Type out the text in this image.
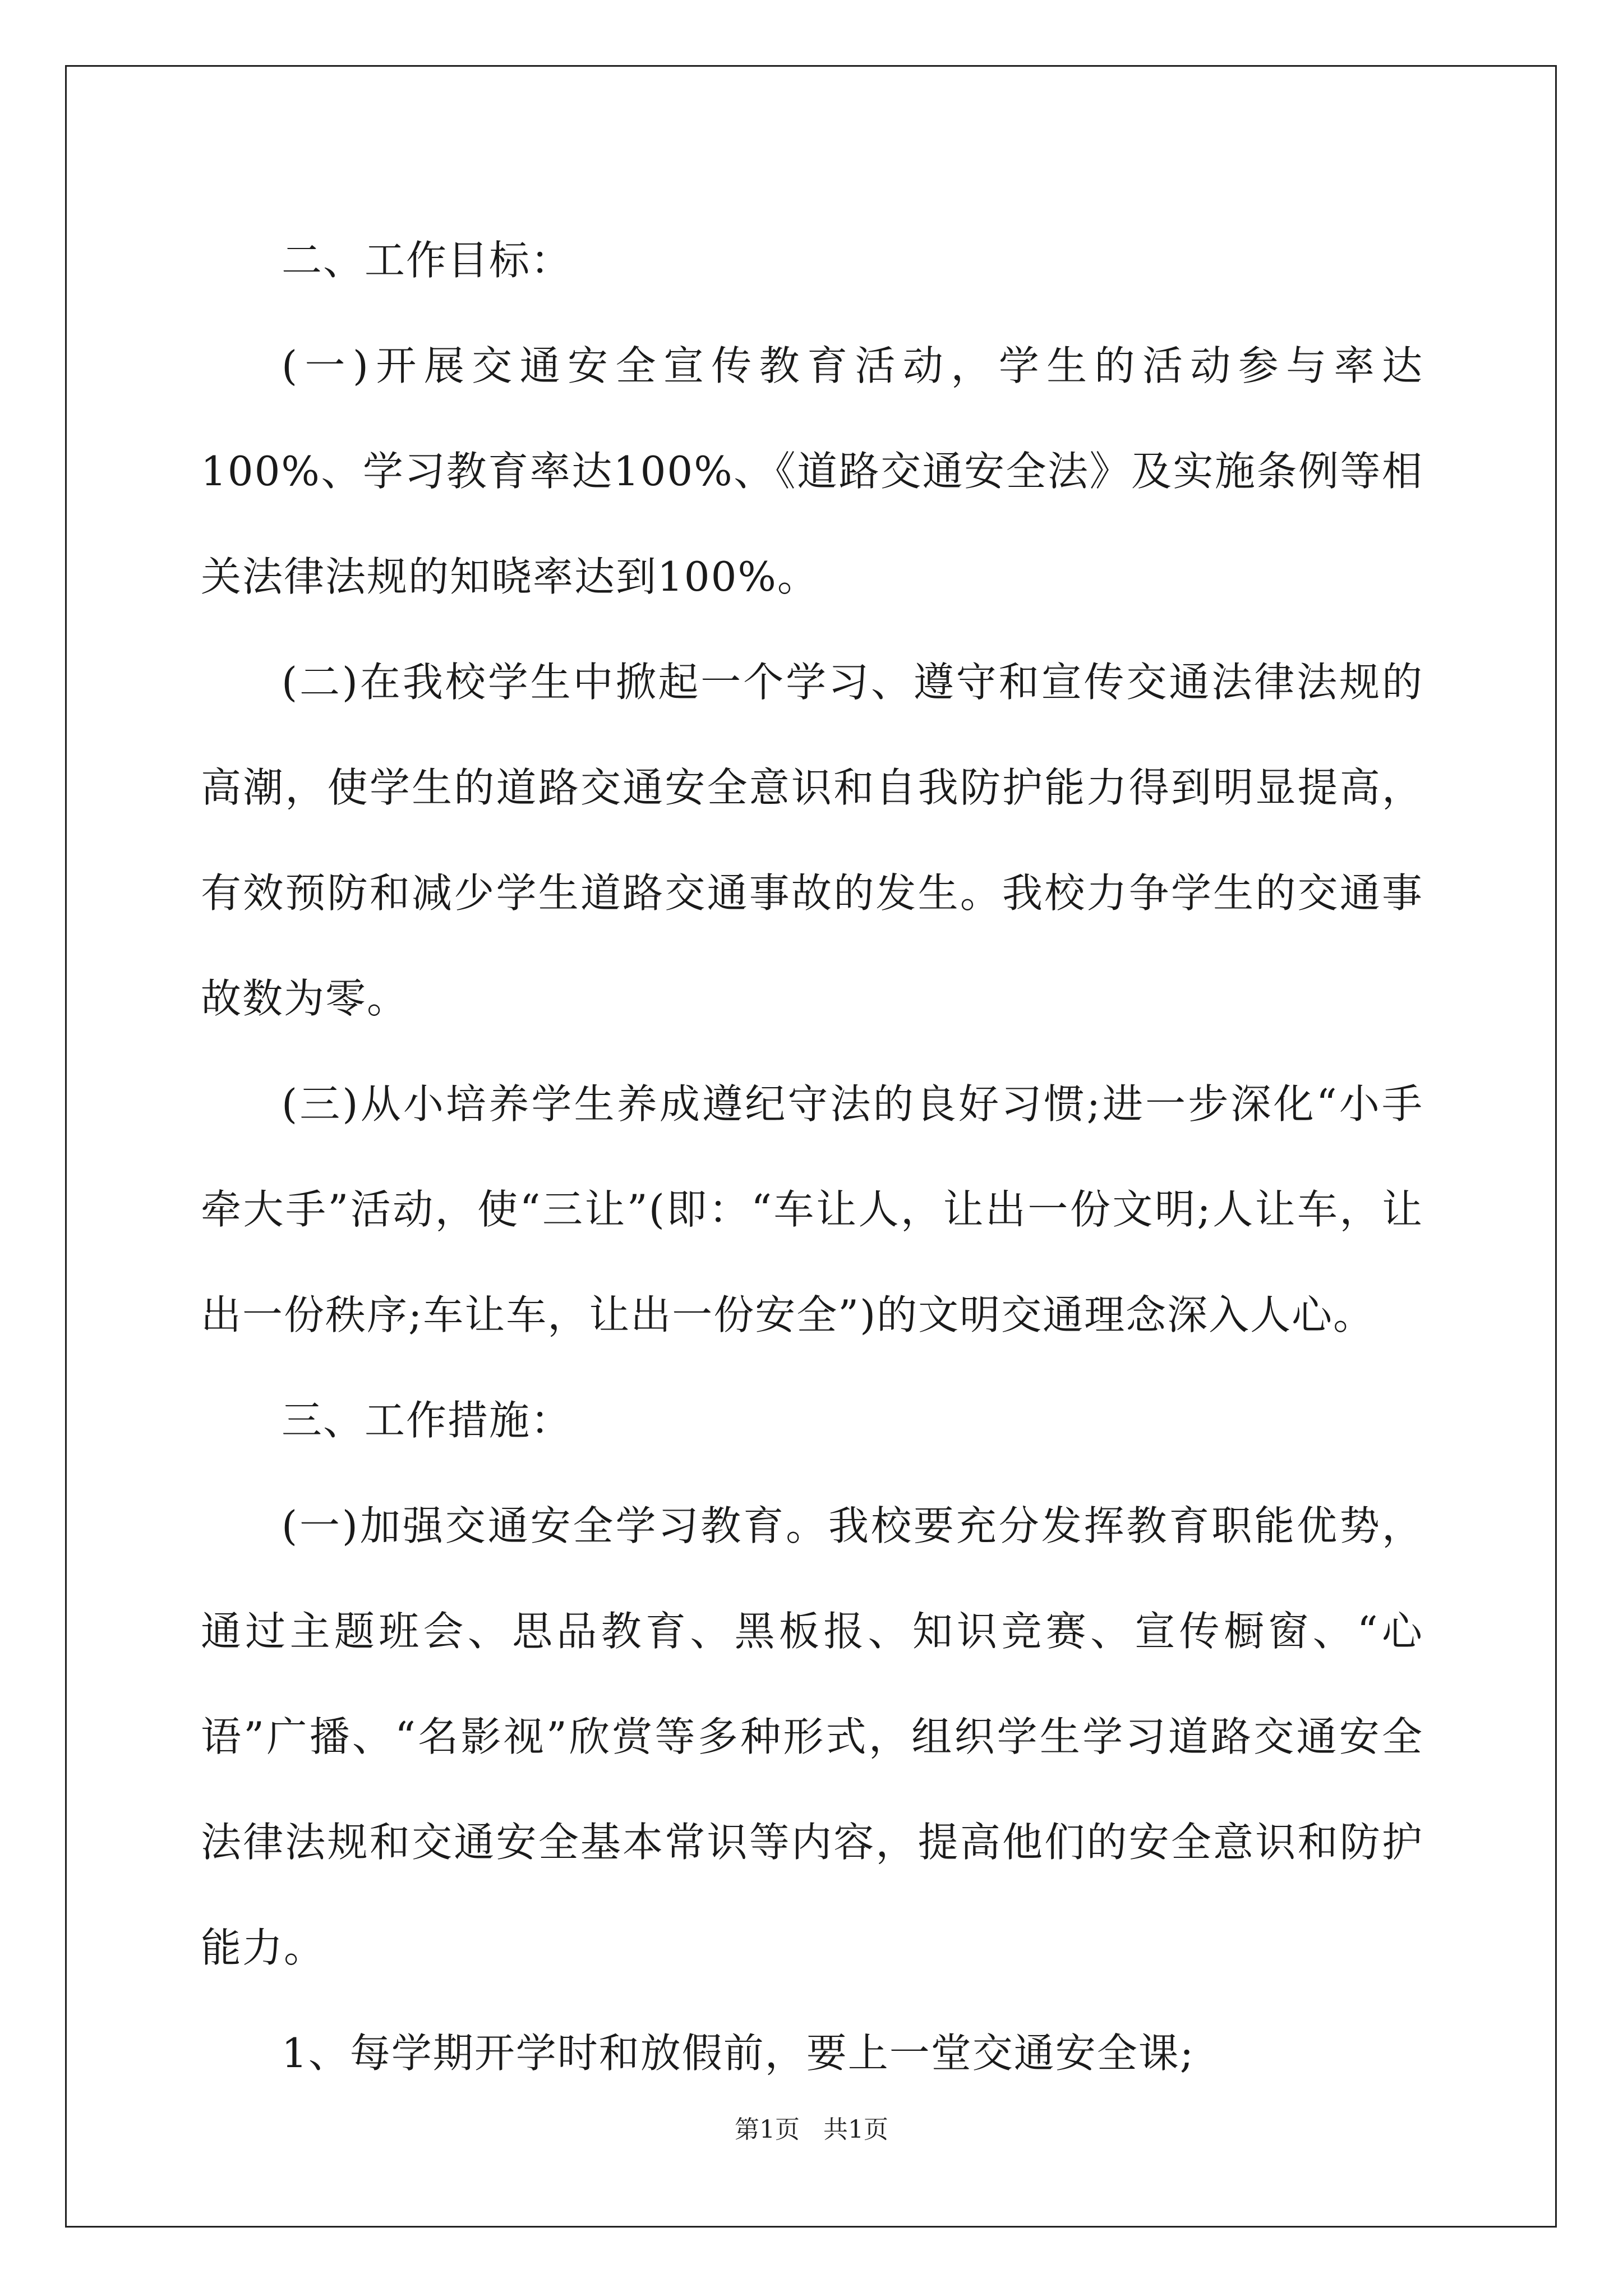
二、工作目标：

(一)开展交通安全宣传教育活动，学生的活动参与率达100%、学习教育率达100%、《道路交通安全法》及实施条例等相关法律法规的知晓率达到100%。

(二)在我校学生中掀起一个学习、遵守和宣传交通法律法规的高潮，使学生的道路交通安全意识和自我防护能力得到明显提高，有效预防和减少学生道路交通事故的发生。我校力争学生的交通事故数为零。

(三)从小培养学生养成遵纪守法的良好习惯;进一步深化“小手牵大手”活动，使“三让”(即：“车让人，让出一份文明;人让车，让出一份秩序;车让车，让出一份安全”)的文明交通理念深入人心。

三、工作措施：

(一)加强交通安全学习教育。我校要充分发挥教育职能优势，通过主题班会、思品教育、黑板报、知识竞赛、宣传橱窗、“心语”广播、“名影视”欣赏等多种形式，组织学生学习道路交通安全法律法规和交通安全基本常识等内容，提高他们的安全意识和防护能力。

1、每学期开学时和放假前，要上一堂交通安全课;

第1页 共1页
